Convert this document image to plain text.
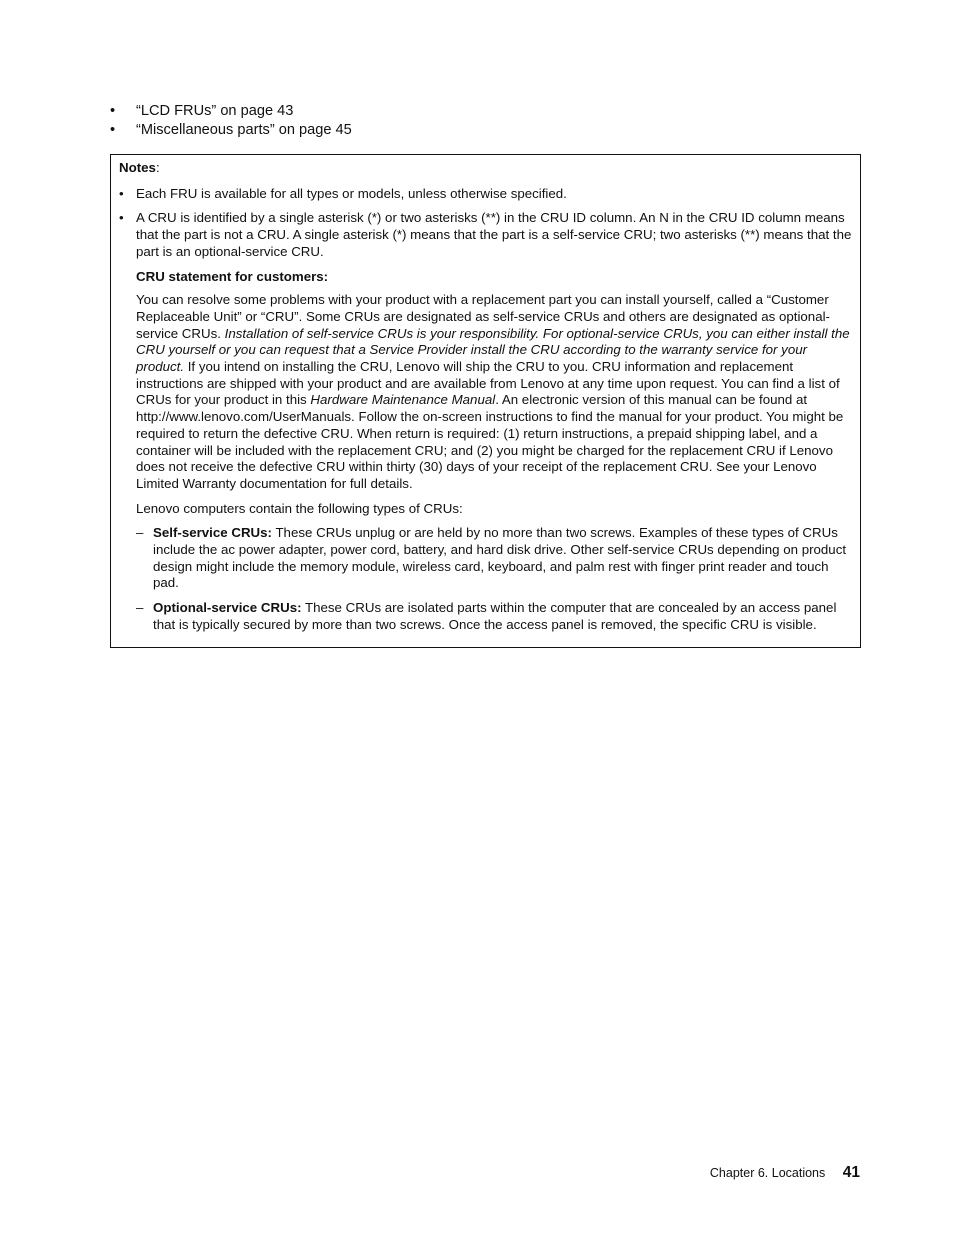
• “LCD FRUs” on page 43
• “Miscellaneous parts” on page 45
Notes:
• Each FRU is available for all types or models, unless otherwise specified.
• A CRU is identified by a single asterisk (*) or two asterisks (**) in the CRU ID column. An N in the CRU ID column means that the part is not a CRU. A single asterisk (*) means that the part is a self-service CRU; two asterisks (**) means that the part is an optional-service CRU.
CRU statement for customers:

You can resolve some problems with your product with a replacement part you can install yourself, called a “Customer Replaceable Unit” or “CRU”. Some CRUs are designated as self-service CRUs and others are designated as optional-service CRUs. Installation of self-service CRUs is your responsibility. For optional-service CRUs, you can either install the CRU yourself or you can request that a Service Provider install the CRU according to the warranty service for your product. If you intend on installing the CRU, Lenovo will ship the CRU to you. CRU information and replacement instructions are shipped with your product and are available from Lenovo at any time upon request. You can find a list of CRUs for your product in this Hardware Maintenance Manual. An electronic version of this manual can be found at http://www.lenovo.com/UserManuals. Follow the on-screen instructions to find the manual for your product. You might be required to return the defective CRU. When return is required: (1) return instructions, a prepaid shipping label, and a container will be included with the replacement CRU; and (2) you might be charged for the replacement CRU if Lenovo does not receive the defective CRU within thirty (30) days of your receipt of the replacement CRU. See your Lenovo Limited Warranty documentation for full details.

Lenovo computers contain the following types of CRUs:

– Self-service CRUs: These CRUs unplug or are held by no more than two screws. Examples of these types of CRUs include the ac power adapter, power cord, battery, and hard disk drive. Other self-service CRUs depending on product design might include the memory module, wireless card, keyboard, and palm rest with finger print reader and touch pad.
– Optional-service CRUs: These CRUs are isolated parts within the computer that are concealed by an access panel that is typically secured by more than two screws. Once the access panel is removed, the specific CRU is visible.
Chapter 6. Locations 41
